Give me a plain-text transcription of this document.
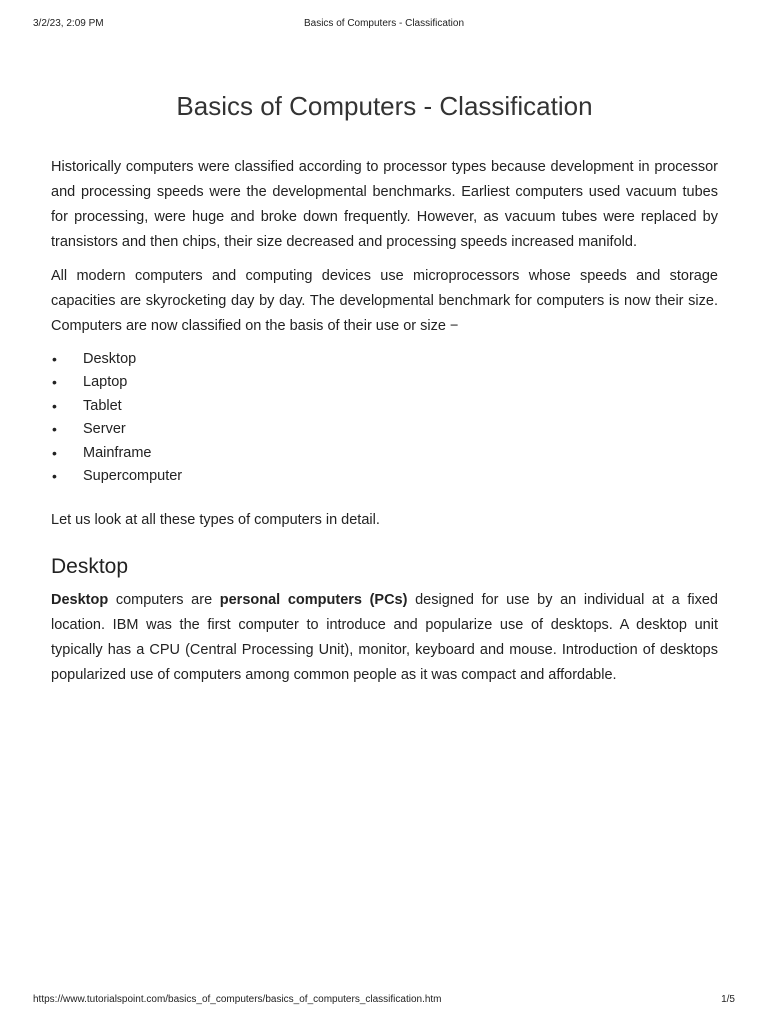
3/2/23, 2:09 PM	Basics of Computers - Classification
Basics of Computers - Classification

Historically computers were classified according to processor types because development in processor and processing speeds were the developmental benchmarks. Earliest computers used vacuum tubes for processing, were huge and broke down frequently. However, as vacuum tubes were replaced by transistors and then chips, their size decreased and processing speeds increased manifold.

All modern computers and computing devices use microprocessors whose speeds and storage capacities are skyrocketing day by day. The developmental benchmark for computers is now their size. Computers are now classified on the basis of their use or size −

• Desktop
• Laptop
• Tablet
• Server
• Mainframe
• Supercomputer

Let us look at all these types of computers in detail.

Desktop

Desktop computers are personal computers (PCs) designed for use by an individual at a fixed location. IBM was the first computer to introduce and popularize use of desktops. A desktop unit typically has a CPU (Central Processing Unit), monitor, keyboard and mouse. Introduction of desktops popularized use of computers among common people as it was compact and affordable.

https://www.tutorialspoint.com/basics_of_computers/basics_of_computers_classification.htm	1/5
